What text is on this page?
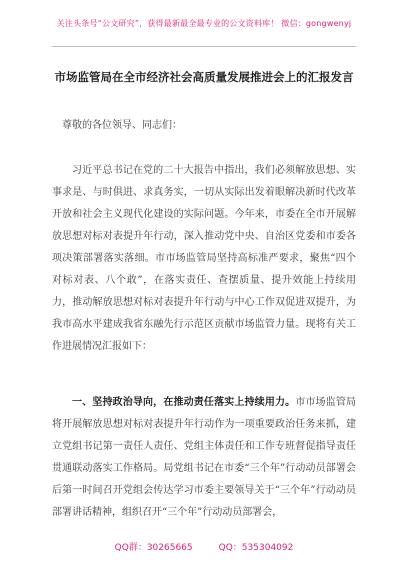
关注头条号“公文研究”，获得最新最全最专业的公文资料库！ 微信：gongwenyj
市场监管局在全市经济社会高质量发展推进会上的汇报发言
尊敬的各位领导、同志们：

习近平总书记在党的二十大报告中指出，我们必须解放思想、实事求是、与时俱进、求真务实，一切从实际出发着眼解决新时代改革开放和社会主义现代化建设的实际问题。今年来，市委在全市开展解放思想对标对表提升年行动，深入推动党中央、自治区党委和市委各项决策部署落实落细。市市场监管局坚持高标准严要求，聚焦“四个对标对表、八个敢”，在落实责任、查摆质量、提升效能上持续用力，推动解放思想对标对表提升年行动与中心工作双促进双提升，为我市高水平建成我省东融先行示范区贡献市场监管力量。现将有关工作进展情况汇报如下：

一、坚持政治导向，在推动责任落实上持续用力。市市场监管局将开展解放思想对标对表提升年行动作为一项重要政治任务来抓，建立党组书记第一责任人责任、党组主体责任和工作专班督促指导责任贯通联动落实工作格局。局党组书记在市委“三个年”行动动员部署会后第一时间召开党组会传达学习市委主要领导关于“三个年”行动动员部署讲话精神，组织召开“三个年”行动动员部署会，

QQ群：30265665	QQ：535304092
